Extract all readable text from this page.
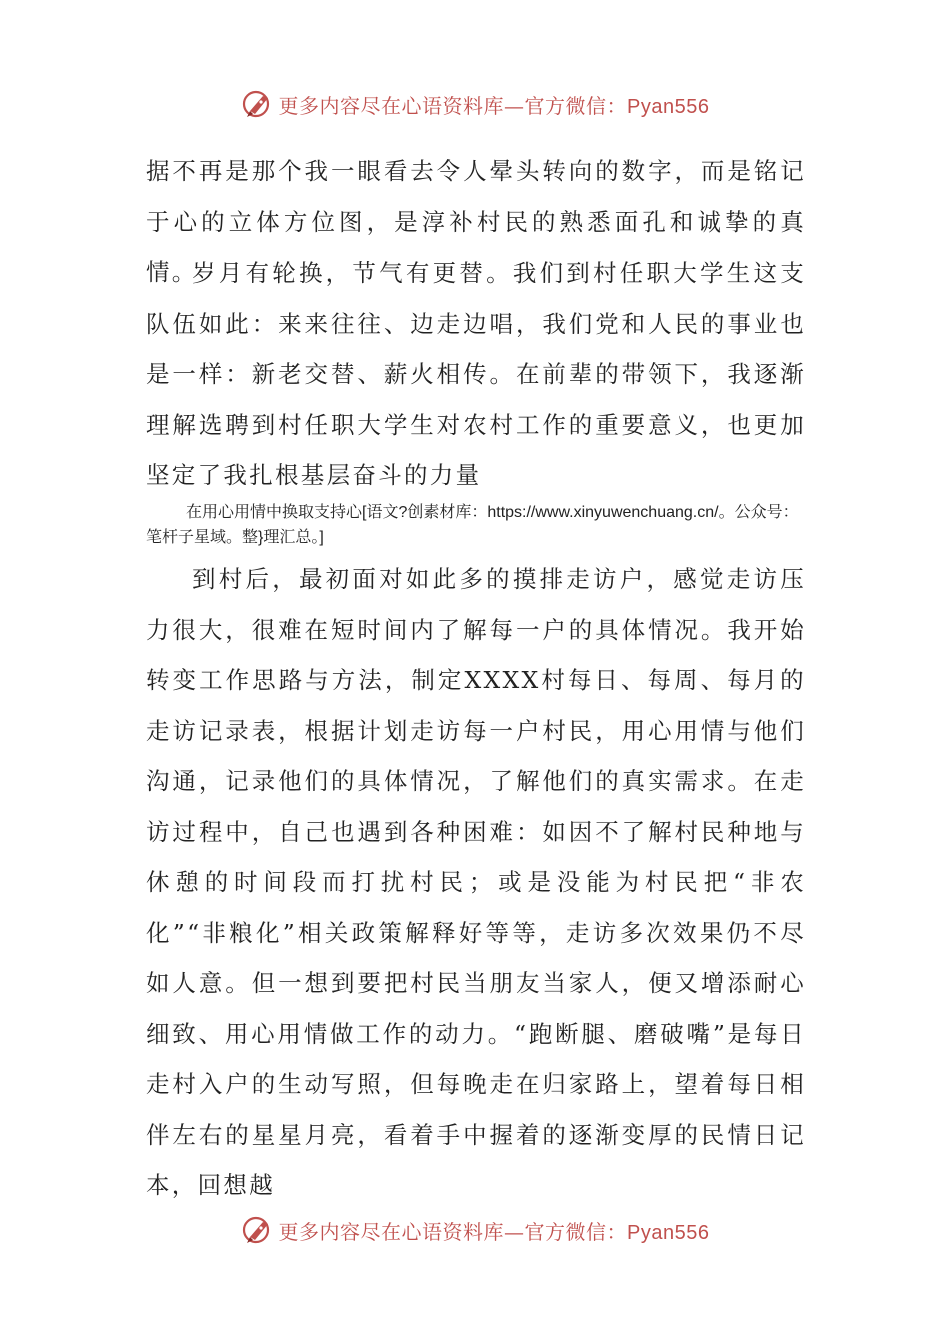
更多内容尽在心语资料库—官方微信：Pyan556

据不再是那个我一眼看去令人晕头转向的数字，而是铭记于心的立体方位图，是淳补村民的熟悉面孔和诚挚的真情。

岁月有轮换，节气有更替。我们到村任职大学生这支队伍如此：来来往往、边走边唱，我们党和人民的事业也是一样：新老交替、薪火相传。在前辈的带领下，我逐渐理解选聘到村任职大学生对农村工作的重要意义，也更加坚定了我扎根基层奋斗的力量

在用心用情中换取支持心[语文?创素材库：https://www.xinyuwenchuang.cn/。公众号：笔杆子星域。整}理汇总。]

到村后，最初面对如此多的摸排走访户，感觉走访压力很大，很难在短时间内了解每一户的具体情况。我开始转变工作思路与方法，制定XXXX村每日、每周、每月的走访记录表，根据计划走访每一户村民，用心用情与他们沟通，记录他们的具体情况，了解他们的真实需求。在走访过程中，自己也遇到各种困难：如因不了解村民种地与休憩的时间段而打扰村民；或是没能为村民把“非农化”“非粮化”相关政策解释好等等，走访多次效果仍不尽如人意。但一想到要把村民当朋友当家人，便又增添耐心细致、用心用情做工作的动力。“跑断腿、磨破嘴”是每日走村入户的生动写照，但每晚走在归家路上，望着每日相伴左右的星星月亮，看着手中握着的逐渐变厚的民情日记本，回想越

更多内容尽在心语资料库—官方微信：Pyan556
